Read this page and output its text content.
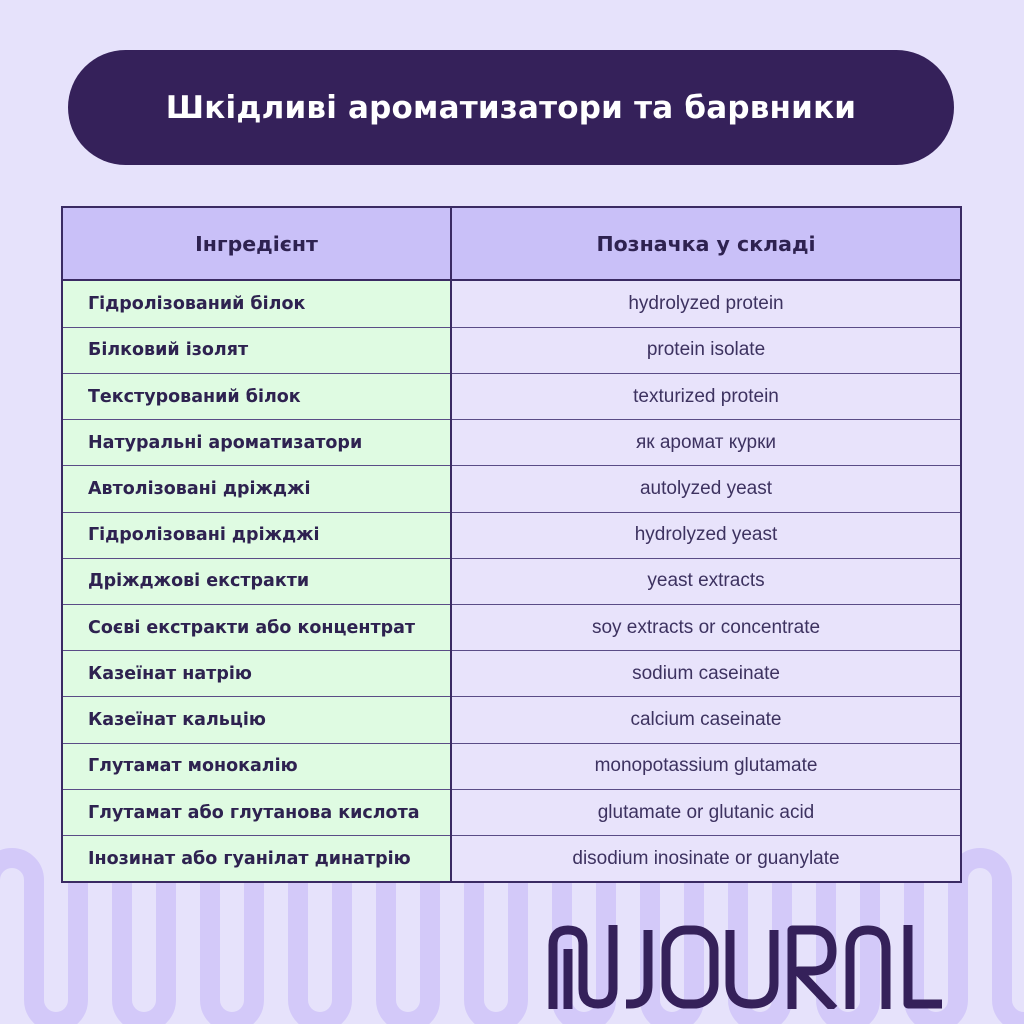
Шкідливі ароматизатори та барвники
Інгредієнт	Позначка у складі
Гідролізований білок	hydrolyzed protein
Білковий ізолят	protein isolate
Текстурований білок	texturized protein
Натуральні ароматизатори	як аромат курки
Автолізовані дріжджі	autolyzed yeast
Гідролізовані дріжджі	hydrolyzed yeast
Дріжджові екстракти	yeast extracts
Соєві екстракти або концентрат	soy extracts or concentrate
Казеїнат натрію	sodium caseinate
Казеїнат кальцію	calcium caseinate
Глутамат монокалію	monopotassium glutamate
Глутамат або глутанова кислота	glutamate or glutanic acid
Інозинат або гуанілат динатрію	disodium inosinate or guanylate
